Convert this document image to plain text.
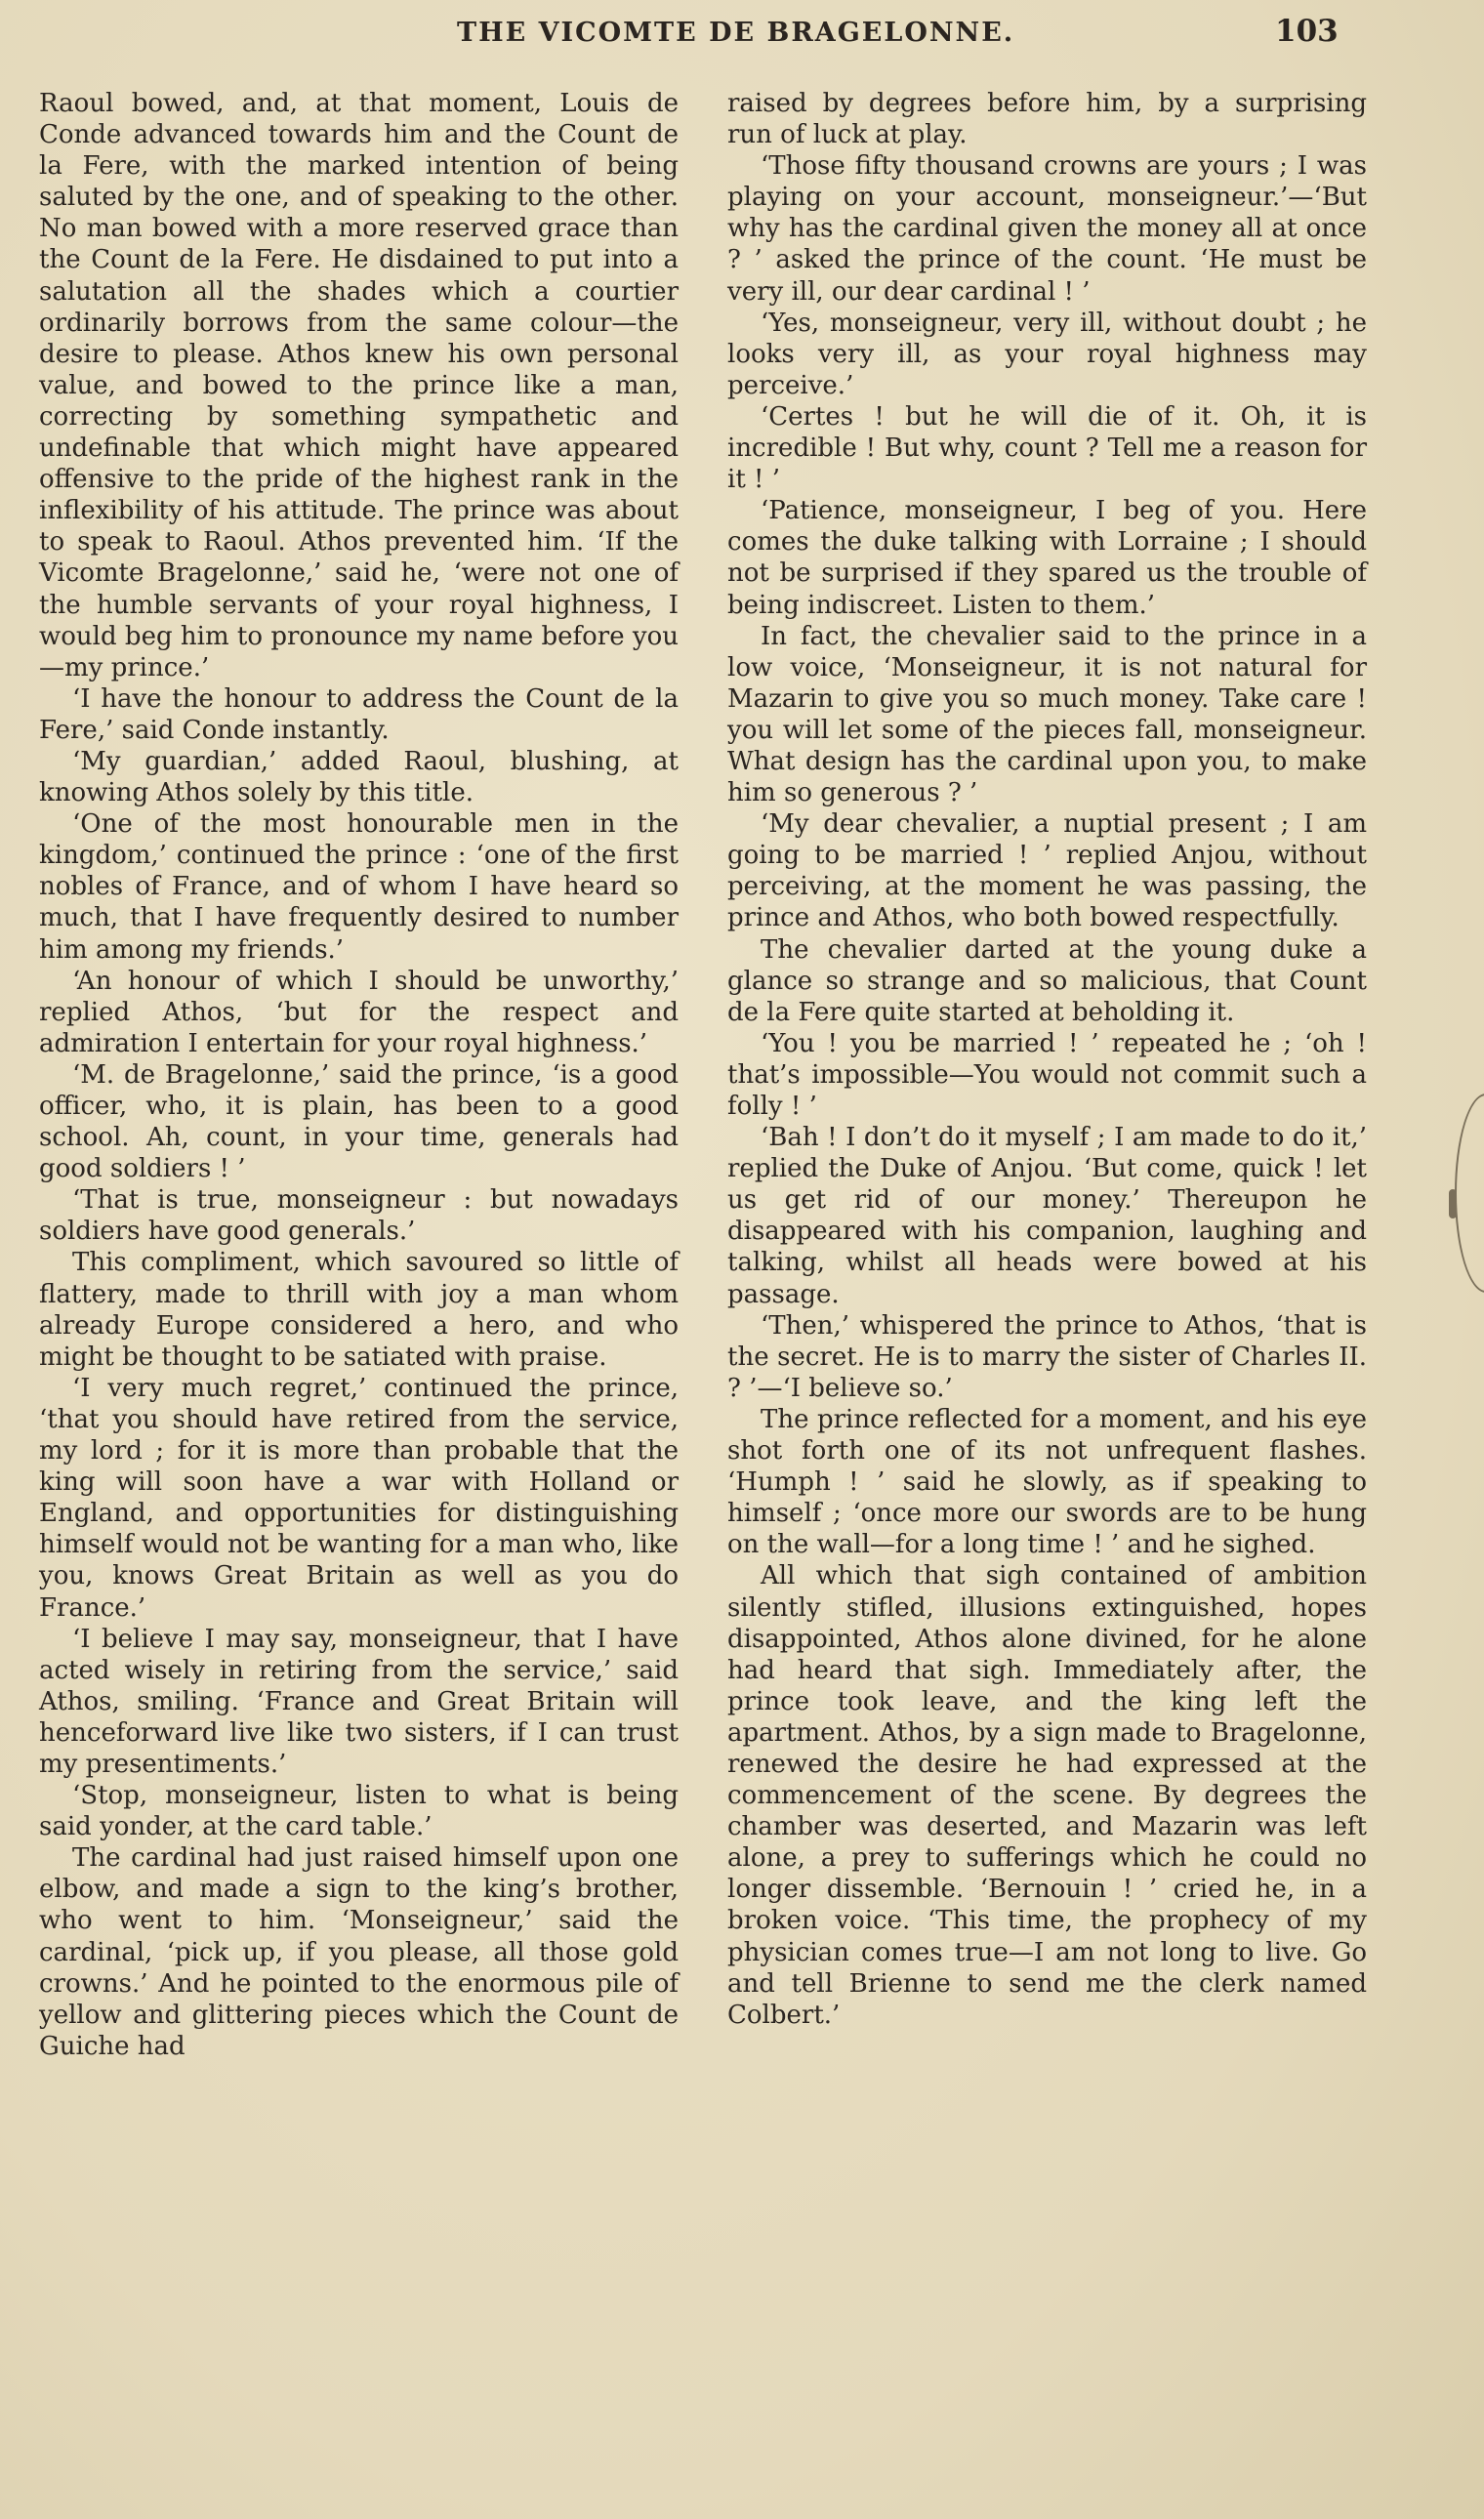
THE VICOMTE DE BRAGELONNE.	103

Raoul bowed, and, at that moment, Louis de Conde advanced towards him and the Count de la Fere, with the marked intention of being saluted by the one, and of speaking to the other. No man bowed with a more reserved grace than the Count de la Fere. He disdained to put into a salutation all the shades which a courtier ordinarily borrows from the same colour—the desire to please. Athos knew his own personal value, and bowed to the prince like a man, correcting by something sympathetic and undefinable that which might have appeared offensive to the pride of the highest rank in the inflexibility of his attitude. The prince was about to speak to Raoul. Athos prevented him. ‘If the Vicomte Bragelonne,’ said he, ‘were not one of the humble servants of your royal highness, I would beg him to pronounce my name before you—my prince.’

‘I have the honour to address the Count de la Fere,’ said Conde instantly.

‘My guardian,’ added Raoul, blushing, at knowing Athos solely by this title.

‘One of the most honourable men in the kingdom,’ continued the prince : ‘one of the first nobles of France, and of whom I have heard so much, that I have frequently desired to number him among my friends.’

‘An honour of which I should be unworthy,’ replied Athos, ‘but for the respect and admiration I entertain for your royal highness.’

‘M. de Bragelonne,’ said the prince, ‘is a good officer, who, it is plain, has been to a good school. Ah, count, in your time, generals had good soldiers ! ’

‘That is true, monseigneur : but nowadays soldiers have good generals.’

This compliment, which savoured so little of flattery, made to thrill with joy a man whom already Europe considered a hero, and who might be thought to be satiated with praise.

‘I very much regret,’ continued the prince, ‘that you should have retired from the service, my lord ; for it is more than probable that the king will soon have a war with Holland or England, and opportunities for distinguishing himself would not be wanting for a man who, like you, knows Great Britain as well as you do France.’

‘I believe I may say, monseigneur, that I have acted wisely in retiring from the service,’ said Athos, smiling. ‘France and Great Britain will henceforward live like two sisters, if I can trust my presentiments.’

‘Stop, monseigneur, listen to what is being said yonder, at the card table.’

The cardinal had just raised himself upon one elbow, and made a sign to the king’s brother, who went to him. ‘Monseigneur,’ said the cardinal, ‘pick up, if you please, all those gold crowns.’ And he pointed to the enormous pile of yellow and glittering pieces which the Count de Guiche had

raised by degrees before him, by a surprising run of luck at play.

‘Those fifty thousand crowns are yours ; I was playing on your account, monseigneur.’—‘But why has the cardinal given the money all at once ? ’ asked the prince of the count. ‘He must be very ill, our dear cardinal ! ’

‘Yes, monseigneur, very ill, without doubt ; he looks very ill, as your royal highness may perceive.’

‘Certes ! but he will die of it. Oh, it is incredible ! But why, count ? Tell me a reason for it ! ’

‘Patience, monseigneur, I beg of you. Here comes the duke talking with Lorraine ; I should not be surprised if they spared us the trouble of being indiscreet. Listen to them.’

In fact, the chevalier said to the prince in a low voice, ‘Monseigneur, it is not natural for Mazarin to give you so much money. Take care ! you will let some of the pieces fall, monseigneur. What design has the cardinal upon you, to make him so generous ? ’

‘My dear chevalier, a nuptial present ; I am going to be married ! ’ replied Anjou, without perceiving, at the moment he was passing, the prince and Athos, who both bowed respectfully.

The chevalier darted at the young duke a glance so strange and so malicious, that Count de la Fere quite started at beholding it.

‘You ! you be married ! ’ repeated he ; ‘oh ! that’s impossible—You would not commit such a folly ! ’

‘Bah ! I don’t do it myself ; I am made to do it,’ replied the Duke of Anjou. ‘But come, quick ! let us get rid of our money.’ Thereupon he disappeared with his companion, laughing and talking, whilst all heads were bowed at his passage.

‘Then,’ whispered the prince to Athos, ‘that is the secret. He is to marry the sister of Charles II. ? ’—‘I believe so.’

The prince reflected for a moment, and his eye shot forth one of its not unfrequent flashes. ‘Humph ! ’ said he slowly, as if speaking to himself ; ‘once more our swords are to be hung on the wall—for a long time ! ’ and he sighed.

All which that sigh contained of ambition silently stifled, illusions extinguished, hopes disappointed, Athos alone divined, for he alone had heard that sigh. Immediately after, the prince took leave, and the king left the apartment. Athos, by a sign made to Bragelonne, renewed the desire he had expressed at the commencement of the scene. By degrees the chamber was deserted, and Mazarin was left alone, a prey to sufferings which he could no longer dissemble. ‘Bernouin ! ’ cried he, in a broken voice. ‘This time, the prophecy of my physician comes true—I am not long to live. Go and tell Brienne to send me the clerk named Colbert.’
